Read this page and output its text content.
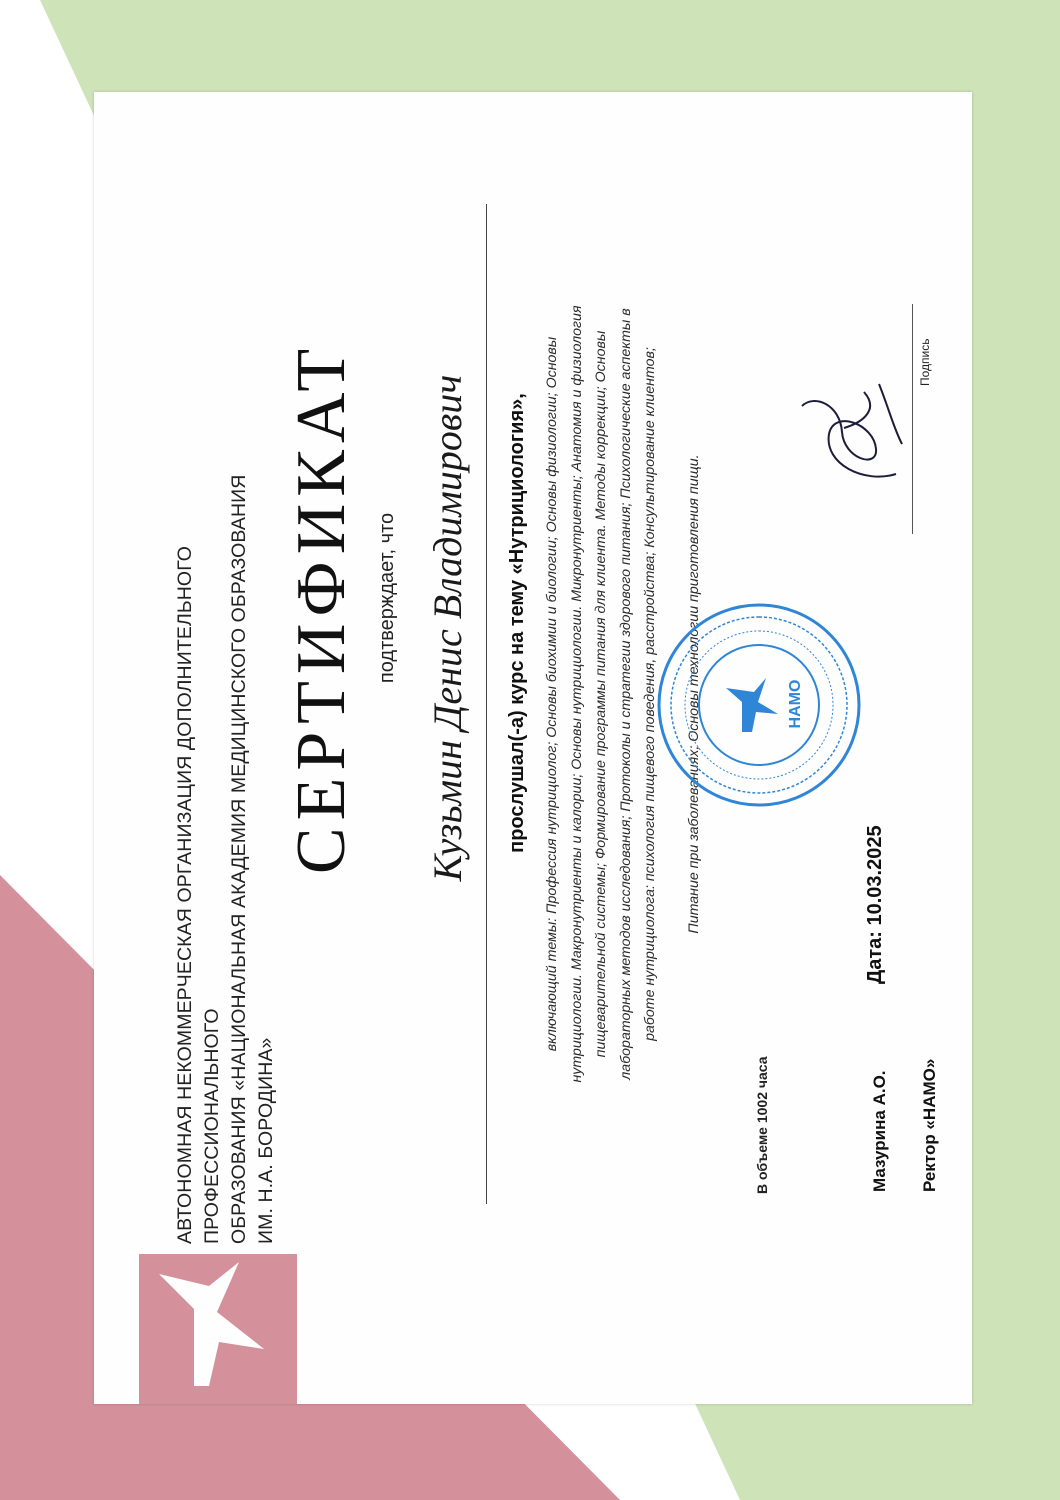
АВТОНОМНАЯ НЕКОММЕРЧЕСКАЯ ОРГАНИЗАЦИЯ ДОПОЛНИТЕЛЬНОГО ПРОФЕССИОНАЛЬНОГО ОБРАЗОВАНИЯ «НАЦИОНАЛЬНАЯ АКАДЕМИЯ МЕДИЦИНСКОГО ОБРАЗОВАНИЯ ИМ. Н.А. БОРОДИНА»
СЕРТИФИКАТ подтверждает, что Кузьмин Денис Владимирович прослушал(-а) курс на тему «Нутрициология», включающий темы: Профессия нутрициолог; Основы биохимии и биологии; Основы физиологии; Основы нутрициологии. Макронутриенты и калории; Основы нутрициологии. Микронутриенты; Анатомия и физиология пищеварительной системы; Формирование программы питания для клиента. Методы коррекции; Основы лабораторных методов исследования; Протоколы и стратегии здорового питания; Психологические аспекты в работе нутрициолога: психология пищевого поведения, расстройства; Консультирование клиентов;	Питание при заболеваниях; Основы технологии приготовления пищи.
В объеме 1002 часа	Мазурина А.О. Ректор «НАМО»
Дата: 10.03.2025
НАМО
Подпись
